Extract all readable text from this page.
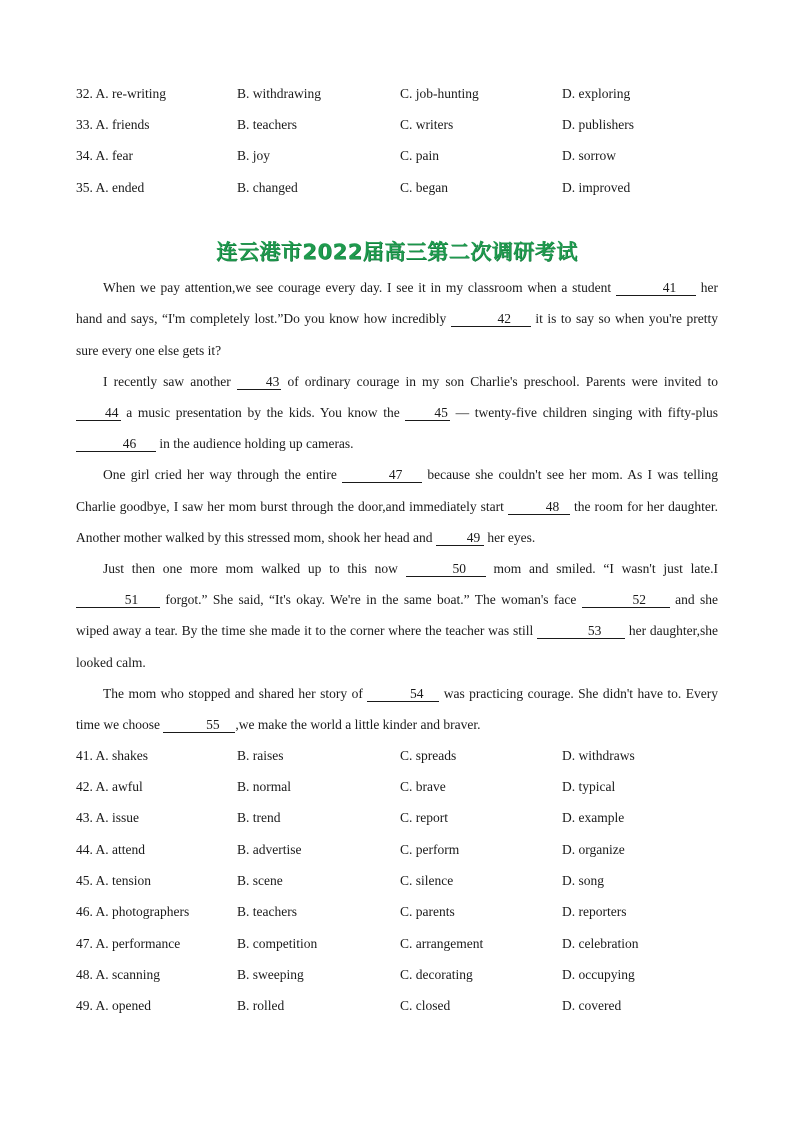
32. A. re-writing	B. withdrawing	C. job-hunting	D. exploring
33. A. friends	B. teachers	C. writers	D. publishers
34. A. fear	B. joy	C. pain	D. sorrow
35. A. ended	B. changed	C. began	D. improved
连云港市2022届高三第二次调研考试

When we pay attention,we see courage every day. I see it in my classroom when a student	41 her hand and says, “I'm completely lost.”Do you know how incredibly	42 it is to say so when you're pretty sure every one else gets it?

I recently saw another 43 of ordinary courage in my son Charlie's preschool. Parents were invited to 44 a music presentation by the kids. You know the 45 — twenty-five children singing with fifty-plus 46 in the audience holding up cameras.

One girl cried her way through the entire	47 because she couldn't see her mom. As I was telling Charlie goodbye, I saw her mom burst through the door,and immediately start	48 the room for her daughter. Another mother walked by this stressed mom, shook her head and 49 her eyes.

Just then one more mom walked up to this now	50 mom and smiled. “I wasn't just late.I 51 forgot.” She said, “It's okay. We're in the same boat.” The woman's face	52 and she wiped away a tear. By the time she made it to the corner where the teacher was still	53 her daughter,she looked calm.

The mom who stopped and shared her story of	54 was practicing courage. She didn't have to. Every time we choose	55 ,we make the world a little kinder and braver.

41. A. shakes	B. raises	C. spreads	D. withdraws
42. A. awful	B. normal	C. brave	D. typical
43. A. issue	B. trend	C. report	D. example
44. A. attend	B. advertise	C. perform	D. organize
45. A. tension	B. scene	C. silence	D. song
46. A. photographers	B. teachers	C. parents	D. reporters
47. A. performance	B. competition	C. arrangement	D. celebration
48. A. scanning	B. sweeping	C. decorating	D. occupying
49. A. opened	B. rolled	C. closed	D. covered
